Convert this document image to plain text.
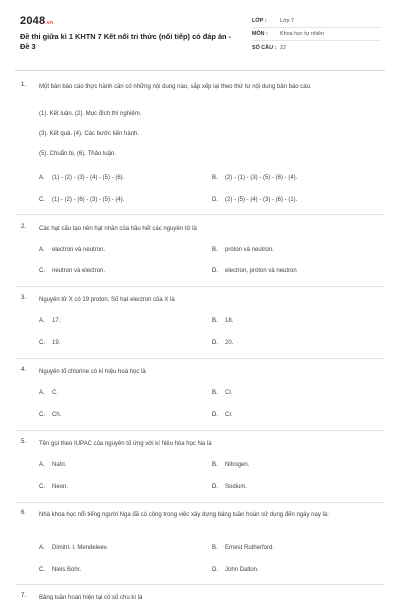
2048.vn
Đề thi giữa kì 1 KHTN 7 Kết nối tri thức (nối tiếp) có đáp án - Đề 3
LỚP :	Lớp 7
MÔN :	Khoa học tự nhiên
SỐ CÂU : 22
1. Một bản báo cáo thực hành cần có những nội dung nào, sắp xếp lại theo thứ tự nội dung bản báo cáo.
(1). Kết luận. (2). Mục đích thí nghiệm.
(3). Kết quả. (4). Các bước tiến hành.
(5). Chuẩn bị. (6). Thảo luận.
A. (1) - (2) - (3) - (4) - (5) - (6).	B. (2) - (1) - (3) - (5) - (6) - (4).
C. (1) - (2) - (6) - (3) - (5) - (4).	D. (2) - (5) - (4) - (3) - (6) - (1).
2. Các hạt cấu tạo nên hạt nhân của hầu hết các nguyên tử là
A. electron và neutron.	B. proton và neutron.
C. neutron và electron.	D. electron, proton và neutron
3. Nguyên tử X có 19 proton. Số hạt electron của X là
A. 17.	B. 18.
C. 19.	D. 20.
4. Nguyên tố chlorine có kí hiệu hoá học là
A. C.	B. Cl.
C. Ch.	D. Cr.
5. Tên gọi theo IUPAC của nguyên tố ứng với kí hiệu hóa học Na là
A. Natri.	B. Nitrogen.
C. Neon.	D. Sodium.
6. Nhà khoa học nổi tiếng người Nga đã có công trong việc xây dựng bảng tuần hoàn sử dụng đến ngày nay là:
A. Dimitri. I. Mendeleev.	B. Ernest Rutherford.
C. Niels Bohr.	D. John Dalton.
7. Bảng tuần hoàn hiện tại có số chu kì là
